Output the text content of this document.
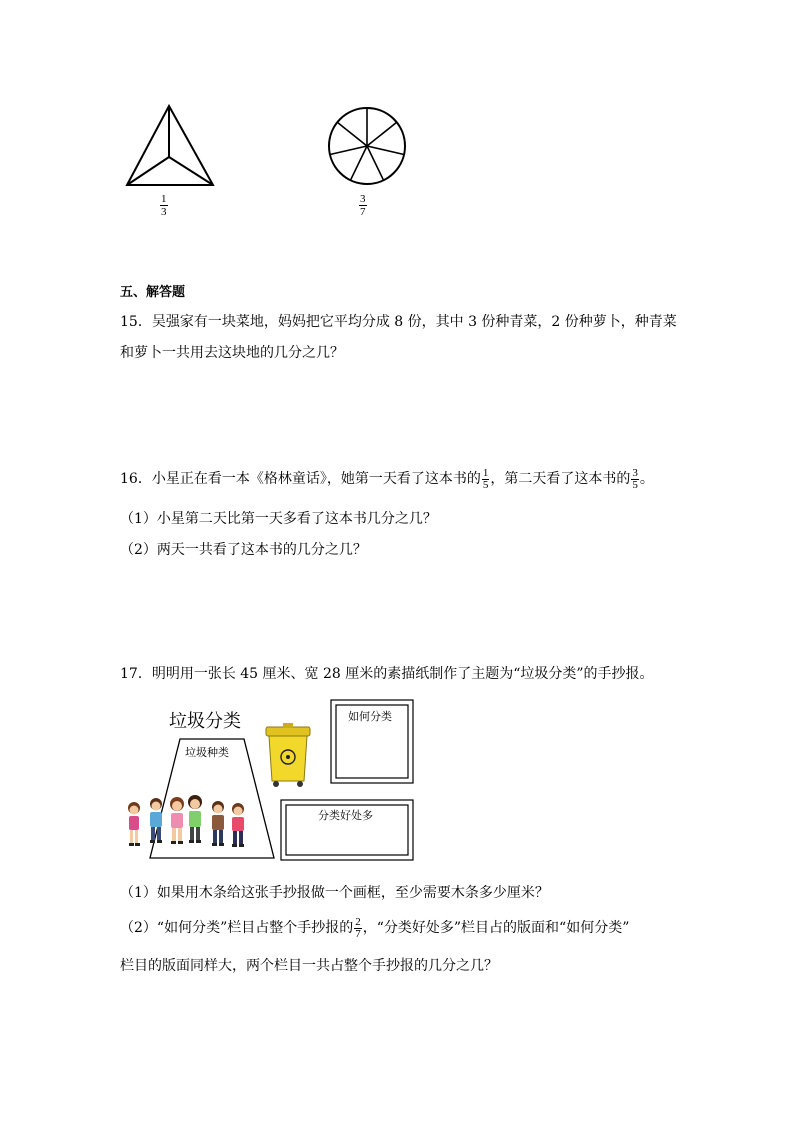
$\frac{1}{3}$	$\frac{3}{7}$
五、解答题
15．吴强家有一块菜地，妈妈把它平均分成 8 份，其中 3 份种青菜，2 份种萝卜，种青菜
和萝卜一共用去这块地的几分之几？
16．小星正在看一本《格林童话》，她第一天看了这本书的 $\frac{1}{5}$ ，第二天看了这本书的 $\frac{3}{5}$ 。
（1）小星第二天比第一天多看了这本书几分之几？
（2）两天一共看了这本书的几分之几？
17．明明用一张长 45 厘米、宽 28 厘米的素描纸制作了主题为“垃圾分类”的手抄报。
垃圾分类
垃圾种类
如何分类
分类好处多
（1）如果用木条给这张手抄报做一个画框，至少需要木条多少厘米？
（2）“如何分类”栏目占整个手抄报的 $\frac{2}{7}$ ，“分类好处多”栏目占的版面和“如何分类”
栏目的版面同样大，两个栏目一共占整个手抄报的几分之几？
